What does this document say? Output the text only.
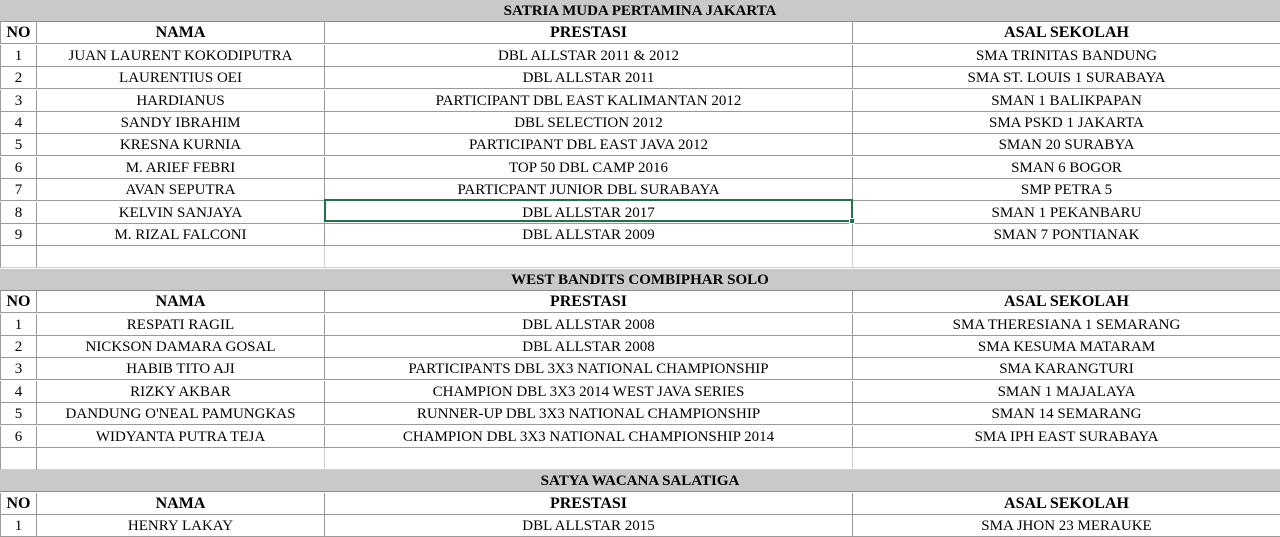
1	HENRY LAKAY	DBL ALLSTAR 2015	SMA JHON 23 MERAUKE
NO	NAMA	PRESTASI	ASAL SEKOLAH
SATYA WACANA SALATIGA
6	WIDYANTA PUTRA TEJA	CHAMPION DBL 3X3 NATIONAL CHAMPIONSHIP 2014	SMA IPH EAST SURABAYA
5	DANDUNG O'NEAL PAMUNGKAS	RUNNER-UP DBL 3X3 NATIONAL CHAMPIONSHIP	SMAN 14 SEMARANG
4	RIZKY AKBAR	CHAMPION DBL 3X3 2014 WEST JAVA SERIES	SMAN 1 MAJALAYA
3	HABIB TITO AJI	PARTICIPANTS DBL 3X3 NATIONAL CHAMPIONSHIP	SMA KARANGTURI
2	NICKSON DAMARA GOSAL	DBL ALLSTAR 2008	SMA KESUMA MATARAM
1	RESPATI RAGIL	DBL ALLSTAR 2008	SMA THERESIANA 1 SEMARANG
NO	NAMA	PRESTASI	ASAL SEKOLAH
WEST BANDITS COMBIPHAR SOLO
9	M. RIZAL FALCONI	DBL ALLSTAR 2009	SMAN 7 PONTIANAK
8	KELVIN SANJAYA	DBL ALLSTAR 2017	SMAN 1 PEKANBARU
7	AVAN SEPUTRA	PARTICPANT JUNIOR DBL SURABAYA	SMP PETRA 5
6	M. ARIEF FEBRI	TOP 50 DBL CAMP 2016	SMAN 6 BOGOR
5	KRESNA KURNIA	PARTICIPANT DBL EAST JAVA 2012	SMAN 20 SURABYA
4	SANDY IBRAHIM	DBL SELECTION 2012	SMA PSKD 1 JAKARTA
3	HARDIANUS	PARTICIPANT DBL EAST KALIMANTAN 2012	SMAN 1 BALIKPAPAN
2	LAURENTIUS OEI	DBL ALLSTAR 2011	SMA ST. LOUIS 1 SURABAYA
1	JUAN LAURENT KOKODIPUTRA	DBL ALLSTAR 2011 & 2012	SMA TRINITAS BANDUNG
NO	NAMA	PRESTASI	ASAL SEKOLAH
SATRIA MUDA PERTAMINA JAKARTA
